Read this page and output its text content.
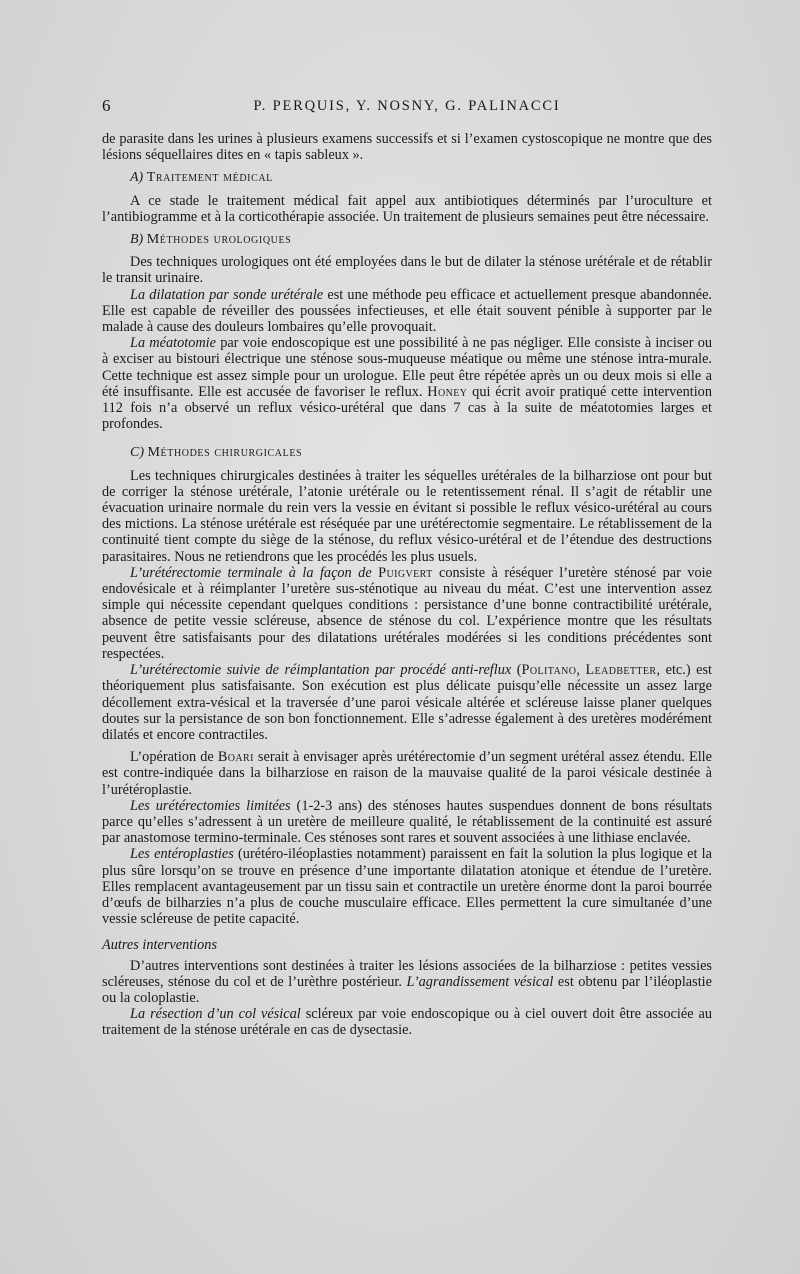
6	P. PERQUIS, Y. NOSNY, G. PALINACCI

de parasite dans les urines à plusieurs examens successifs et si l’examen cystoscopique ne montre que des lésions séquellaires dites en « tapis sableux ».

A) Traitement médical

A ce stade le traitement médical fait appel aux antibiotiques déterminés par l’uroculture et l’antibiogramme et à la corticothérapie associée. Un traitement de plusieurs semaines peut être nécessaire.

B) Méthodes urologiques

Des techniques urologiques ont été employées dans le but de dilater la sténose urétérale et de rétablir le transit urinaire.

La dilatation par sonde urétérale est une méthode peu efficace et actuellement presque abandonnée. Elle est capable de réveiller des poussées infectieuses, et elle était souvent pénible à supporter par le malade à cause des douleurs lombaires qu’elle provoquait.

La méatotomie par voie endoscopique est une possibilité à ne pas négliger. Elle consiste à inciser ou à exciser au bistouri électrique une sténose sous-muqueuse méatique ou même une sténose intra-murale. Cette technique est assez simple pour un urologue. Elle peut être répétée après un ou deux mois si elle a été insuffisante. Elle est accusée de favoriser le reflux. Honey qui écrit avoir pratiqué cette intervention 112 fois n’a observé un reflux vésico-urétéral que dans 7 cas à la suite de méatotomies larges et profondes.

C) Méthodes chirurgicales

Les techniques chirurgicales destinées à traiter les séquelles urétérales de la bilharziose ont pour but de corriger la sténose urétérale, l’atonie urétérale ou le retentissement rénal. Il s’agit de rétablir une évacuation urinaire normale du rein vers la vessie en évitant si possible le reflux vésico-urétéral au cours des mictions. La sténose urétérale est réséquée par une urétérectomie segmentaire. Le rétablissement de la continuité tient compte du siège de la sténose, du reflux vésico-urétéral et de l’étendue des destructions parasitaires. Nous ne retiendrons que les procédés les plus usuels.

L’urétérectomie terminale à la façon de Puigvert consiste à réséquer l’uretère sténosé par voie endovésicale et à réimplanter l’uretère sus-sténotique au niveau du méat. C’est une intervention assez simple qui nécessite cependant quelques conditions : persistance d’une bonne contractibilité urétérale, absence de petite vessie scléreuse, absence de sténose du col. L’expérience montre que les résultats peuvent être satisfaisants pour des dilatations urétérales modérées si les conditions précédentes sont respectées.

L’urétérectomie suivie de réimplantation par procédé anti-reflux (Politano, Leadbetter, etc.) est théoriquement plus satisfaisante. Son exécution est plus délicate puisqu’elle nécessite un assez large décollement extra-vésical et la traversée d’une paroi vésicale altérée et scléreuse laisse planer quelques doutes sur la persistance de son bon fonctionnement. Elle s’adresse également à des uretères modérément dilatés et encore contractiles.

L’opération de Boari serait à envisager après urétérectomie d’un segment urétéral assez étendu. Elle est contre-indiquée dans la bilharziose en raison de la mauvaise qualité de la paroi vésicale destinée à l’urétéroplastie.

Les urétérectomies limitées (1-2-3 ans) des sténoses hautes suspendues donnent de bons résultats parce qu’elles s’adressent à un uretère de meilleure qualité, le rétablissement de la continuité est assuré par anastomose termino-terminale. Ces sténoses sont rares et souvent associées à une lithiase enclavée.

Les entéroplasties (urétéro-iléoplasties notamment) paraissent en fait la solution la plus logique et la plus sûre lorsqu’on se trouve en présence d’une importante dilatation atonique et étendue de l’uretère. Elles remplacent avantageusement par un tissu sain et contractile un uretère énorme dont la paroi bourrée d’œufs de bilharzies n’a plus de couche musculaire efficace. Elles permettent la cure simultanée d’une vessie scléreuse de petite capacité.

Autres interventions

D’autres interventions sont destinées à traiter les lésions associées de la bilharziose : petites vessies scléreuses, sténose du col et de l’urèthre postérieur. L’agrandissement vésical est obtenu par l’iléoplastie ou la coloplastie.

La résection d’un col vésical scléreux par voie endoscopique ou à ciel ouvert doit être associée au traitement de la sténose urétérale en cas de dysectasie.
